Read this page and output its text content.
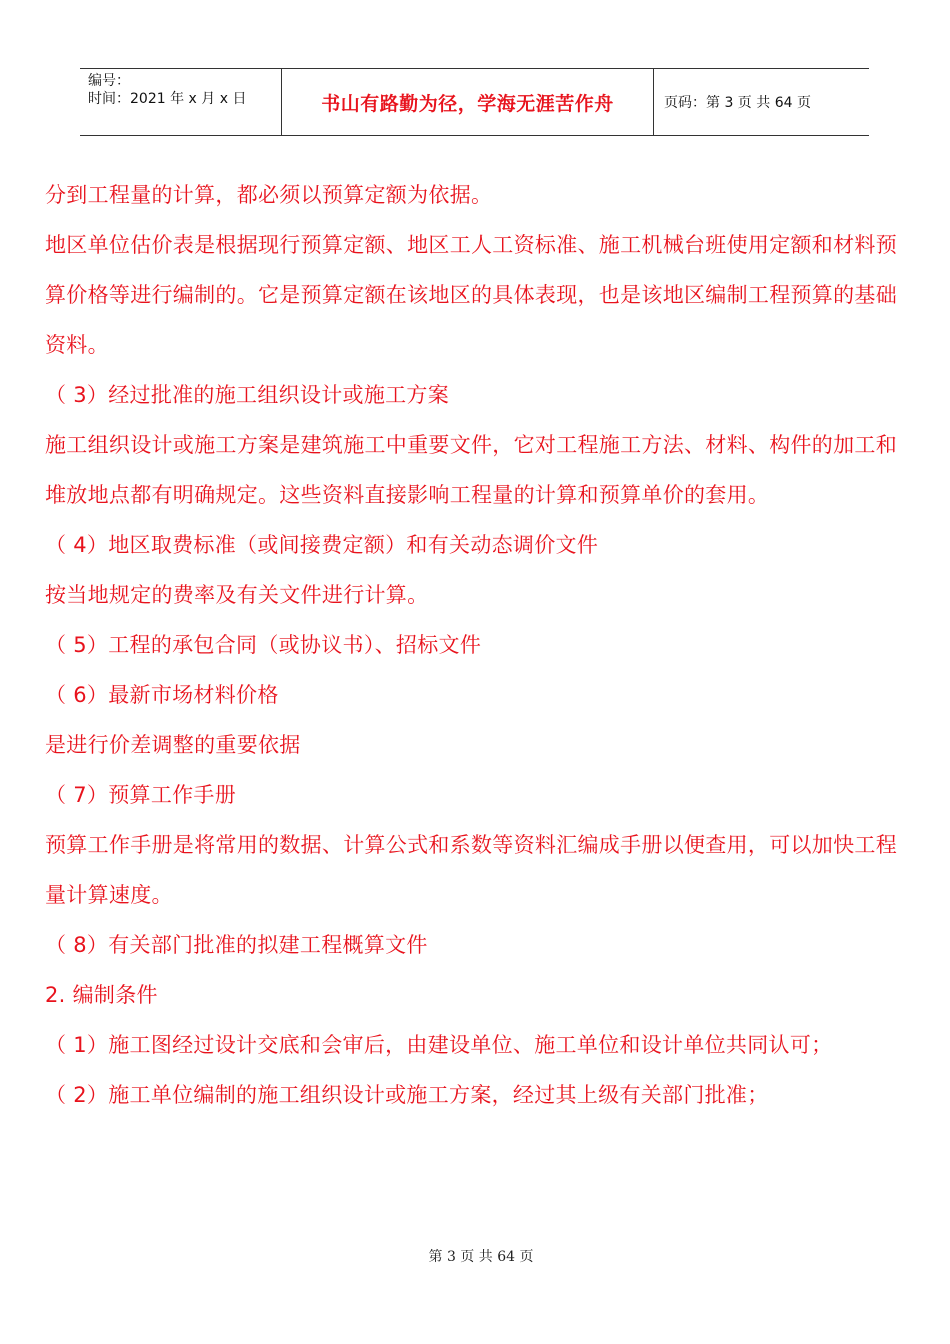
编号：
时间：2021 年 x 月 x 日	书山有路勤为径，学海无涯苦作舟	页码：第 3 页 共 64 页

分到工程量的计算，都必须以预算定额为依据。

地区单位估价表是根据现行预算定额、地区工人工资标准、施工机械台班使用定额和材料预算价格等进行编制的。它是预算定额在该地区的具体表现，也是该地区编制工程预算的基础资料。

（ 3）经过批准的施工组织设计或施工方案

施工组织设计或施工方案是建筑施工中重要文件，它对工程施工方法、材料、构件的加工和堆放地点都有明确规定。这些资料直接影响工程量的计算和预算单价的套用。

（ 4）地区取费标准（或间接费定额）和有关动态调价文件

按当地规定的费率及有关文件进行计算。

（ 5）工程的承包合同（或协议书）、招标文件

（ 6）最新市场材料价格

是进行价差调整的重要依据

（ 7）预算工作手册

预算工作手册是将常用的数据、计算公式和系数等资料汇编成手册以便查用，可以加快工程量计算速度。

（ 8）有关部门批准的拟建工程概算文件

2. 编制条件

（ 1）施工图经过设计交底和会审后，由建设单位、施工单位和设计单位共同认可；

（ 2）施工单位编制的施工组织设计或施工方案，经过其上级有关部门批准；

第 3 页 共 64 页
